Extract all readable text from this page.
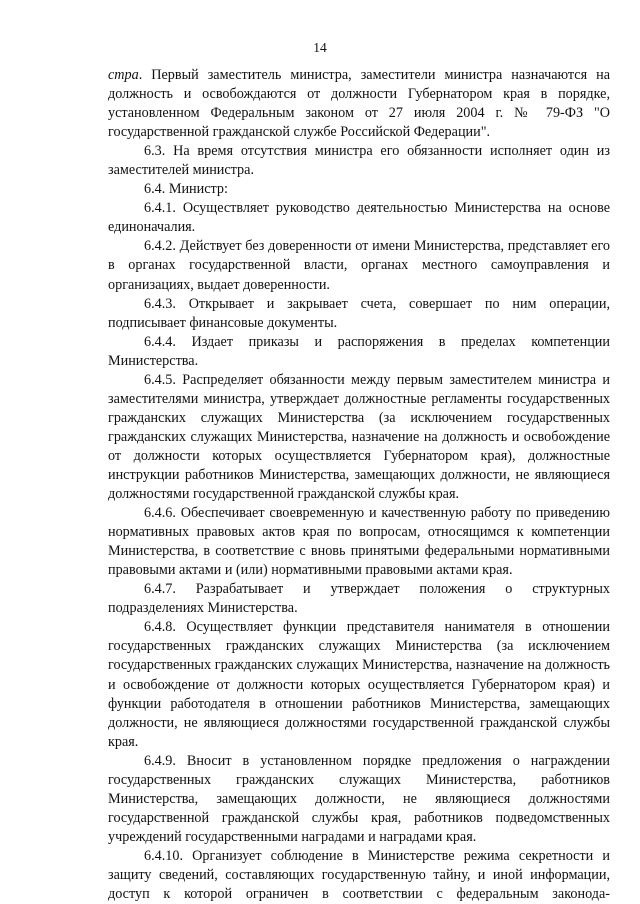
14

стра. Первый заместитель министра, заместители министра назначаются на должность и освобождаются от должности Губернатором края в порядке, установленном Федеральным законом от 27 июля 2004 г. № 79-ФЗ "О государственной гражданской службе Российской Федерации".

6.3. На время отсутствия министра его обязанности исполняет один из заместителей министра.

6.4. Министр:

6.4.1. Осуществляет руководство деятельностью Министерства на основе единоначалия.

6.4.2. Действует без доверенности от имени Министерства, представляет его в органах государственной власти, органах местного самоуправления и организациях, выдает доверенности.

6.4.3. Открывает и закрывает счета, совершает по ним операции, подписывает финансовые документы.

6.4.4. Издает приказы и распоряжения в пределах компетенции Министерства.

6.4.5. Распределяет обязанности между первым заместителем министра и заместителями министра, утверждает должностные регламенты государственных гражданских служащих Министерства (за исключением государственных гражданских служащих Министерства, назначение на должность и освобождение от должности которых осуществляется Губернатором края), должностные инструкции работников Министерства, замещающих должности, не являющиеся должностями государственной гражданской службы края.

6.4.6. Обеспечивает своевременную и качественную работу по приведению нормативных правовых актов края по вопросам, относящимся к компетенции Министерства, в соответствие с вновь принятыми федеральными нормативными правовыми актами и (или) нормативными правовыми актами края.

6.4.7. Разрабатывает и утверждает положения о структурных подразделениях Министерства.

6.4.8. Осуществляет функции представителя нанимателя в отношении государственных гражданских служащих Министерства (за исключением государственных гражданских служащих Министерства, назначение на должность и освобождение от должности которых осуществляется Губернатором края) и функции работодателя в отношении работников Министерства, замещающих должности, не являющиеся должностями государственной гражданской службы края.

6.4.9. Вносит в установленном порядке предложения о награждении государственных гражданских служащих Министерства, работников Министерства, замещающих должности, не являющиеся должностями государственной гражданской службы края, работников подведомственных учреждений государственными наградами и наградами края.

6.4.10. Организует соблюдение в Министерстве режима секретности и защиту сведений, составляющих государственную тайну, и иной информации, доступ к которой ограничен в соответствии с федеральным законода-
